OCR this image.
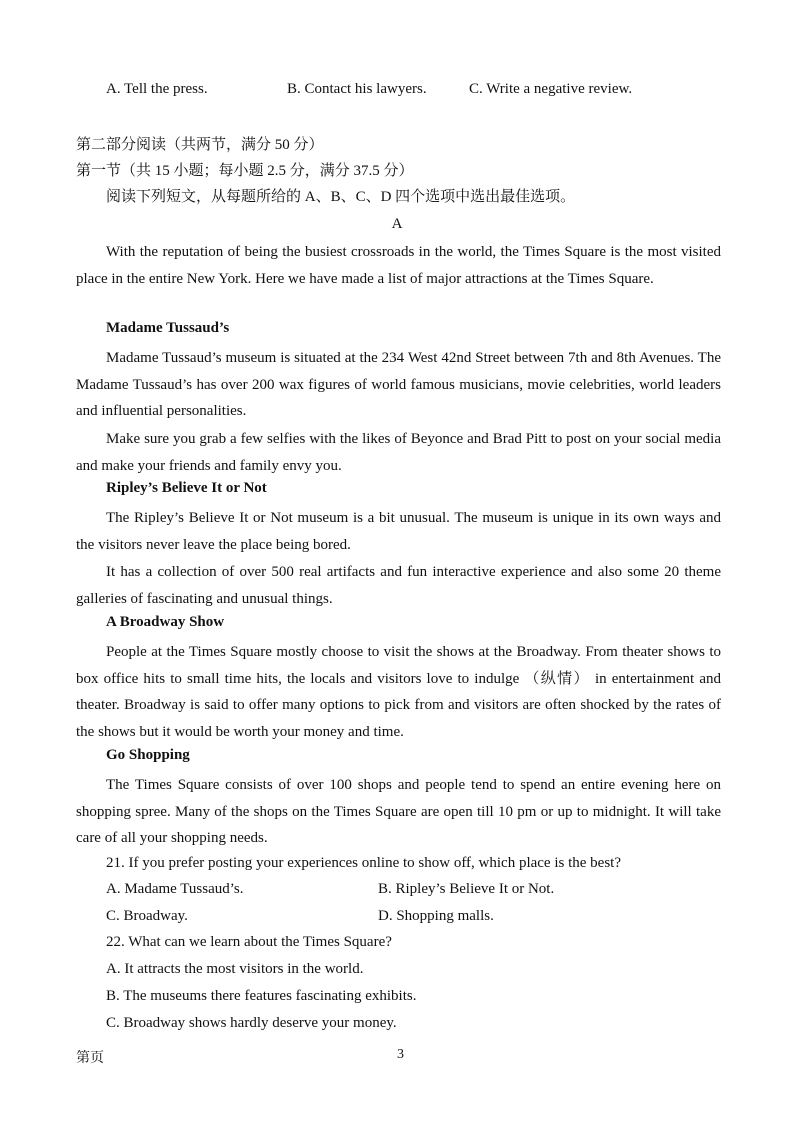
A. Tell the press.	B. Contact his lawyers.	C. Write a negative review.
第二部分阅读（共两节，满分 50 分）
第一节（共 15 小题；每小题 2.5 分，满分 37.5 分）
阅读下列短文，从每题所给的 A、B、C、D 四个选项中选出最佳选项。
A

With the reputation of being the busiest crossroads in the world, the Times Square is the most visited place in the entire New York. Here we have made a list of major attractions at the Times Square.

Madame Tussaud’s

Madame Tussaud’s museum is situated at the 234 West 42nd Street between 7th and 8th Avenues. The Madame Tussaud’s has over 200 wax figures of world famous musicians, movie celebrities, world leaders and influential personalities.

Make sure you grab a few selfies with the likes of Beyonce and Brad Pitt to post on your social media and make your friends and family envy you.

Ripley’s Believe It or Not

The Ripley’s Believe It or Not museum is a bit unusual. The museum is unique in its own ways and the visitors never leave the place being bored.

It has a collection of over 500 real artifacts and fun interactive experience and also some 20 theme galleries of fascinating and unusual things.

A Broadway Show

People at the Times Square mostly choose to visit the shows at the Broadway. From theater shows to box office hits to small time hits, the locals and visitors love to indulge （纵情） in entertainment and theater. Broadway is said to offer many options to pick from and visitors are often shocked by the rates of the shows but it would be worth your money and time.

Go Shopping

The Times Square consists of over 100 shops and people tend to spend an entire evening here on shopping spree. Many of the shops on the Times Square are open till 10 pm or up to midnight. It will take care of all your shopping needs.

21. If you prefer posting your experiences online to show off, which place is the best?
A. Madame Tussaud’s.	B. Ripley’s Believe It or Not.
C. Broadway.	D. Shopping malls.
22. What can we learn about the Times Square?
A. It attracts the most visitors in the world.
B. The museums there features fascinating exhibits.
C. Broadway shows hardly deserve your money.
第页	3
